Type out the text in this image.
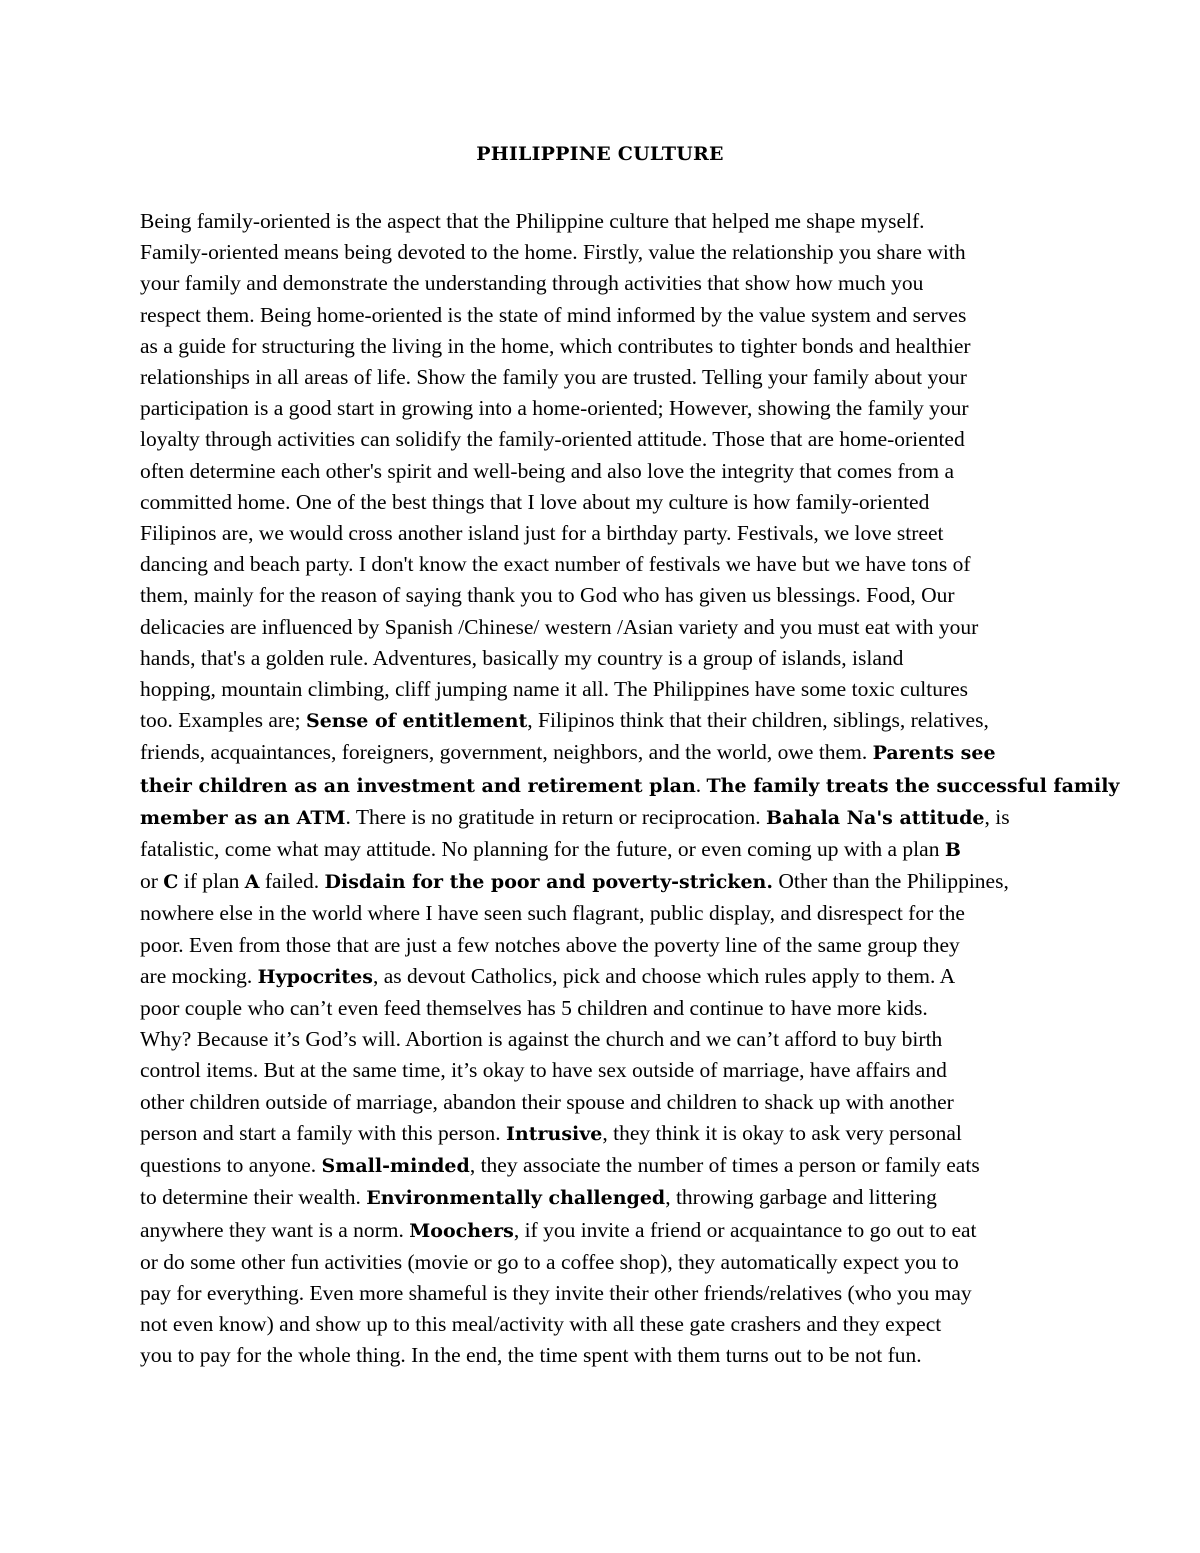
PHILIPPINE CULTURE
Being family-oriented is the aspect that the Philippine culture that helped me shape myself.
Family-oriented means being devoted to the home. Firstly, value the relationship you share with
your family and demonstrate the understanding through activities that show how much you
respect them. Being home-oriented is the state of mind informed by the value system and serves
as a guide for structuring the living in the home, which contributes to tighter bonds and healthier
relationships in all areas of life. Show the family you are trusted. Telling your family about your
participation is a good start in growing into a home-oriented; However, showing the family your
loyalty through activities can solidify the family-oriented attitude. Those that are home-oriented
often determine each other's spirit and well-being and also love the integrity that comes from a
committed home. One of the best things that I love about my culture is how family-oriented
Filipinos are, we would cross another island just for a birthday party. Festivals, we love street
dancing and beach party. I don't know the exact number of festivals we have but we have tons of
them, mainly for the reason of saying thank you to God who has given us blessings. Food, Our
delicacies are influenced by Spanish /Chinese/ western /Asian variety and you must eat with your
hands, that's a golden rule. Adventures, basically my country is a group of islands, island
hopping, mountain climbing, cliff jumping name it all. The Philippines have some toxic cultures
too. Examples are; Sense of entitlement, Filipinos think that their children, siblings, relatives,
friends, acquaintances, foreigners, government, neighbors, and the world, owe them. Parents see
their children as an investment and retirement plan. The family treats the successful family
member as an ATM. There is no gratitude in return or reciprocation. Bahala Na's attitude, is
fatalistic, come what may attitude. No planning for the future, or even coming up with a plan B
or C if plan A failed. Disdain for the poor and poverty-stricken. Other than the Philippines,
nowhere else in the world where I have seen such flagrant, public display, and disrespect for the
poor. Even from those that are just a few notches above the poverty line of the same group they
are mocking. Hypocrites, as devout Catholics, pick and choose which rules apply to them. A
poor couple who can’t even feed themselves has 5 children and continue to have more kids.
Why? Because it’s God’s will. Abortion is against the church and we can’t afford to buy birth
control items. But at the same time, it’s okay to have sex outside of marriage, have affairs and
other children outside of marriage, abandon their spouse and children to shack up with another
person and start a family with this person. Intrusive, they think it is okay to ask very personal
questions to anyone. Small-minded, they associate the number of times a person or family eats
to determine their wealth. Environmentally challenged, throwing garbage and littering
anywhere they want is a norm. Moochers, if you invite a friend or acquaintance to go out to eat
or do some other fun activities (movie or go to a coffee shop), they automatically expect you to
pay for everything. Even more shameful is they invite their other friends/relatives (who you may
not even know) and show up to this meal/activity with all these gate crashers and they expect
you to pay for the whole thing. In the end, the time spent with them turns out to be not fun.
